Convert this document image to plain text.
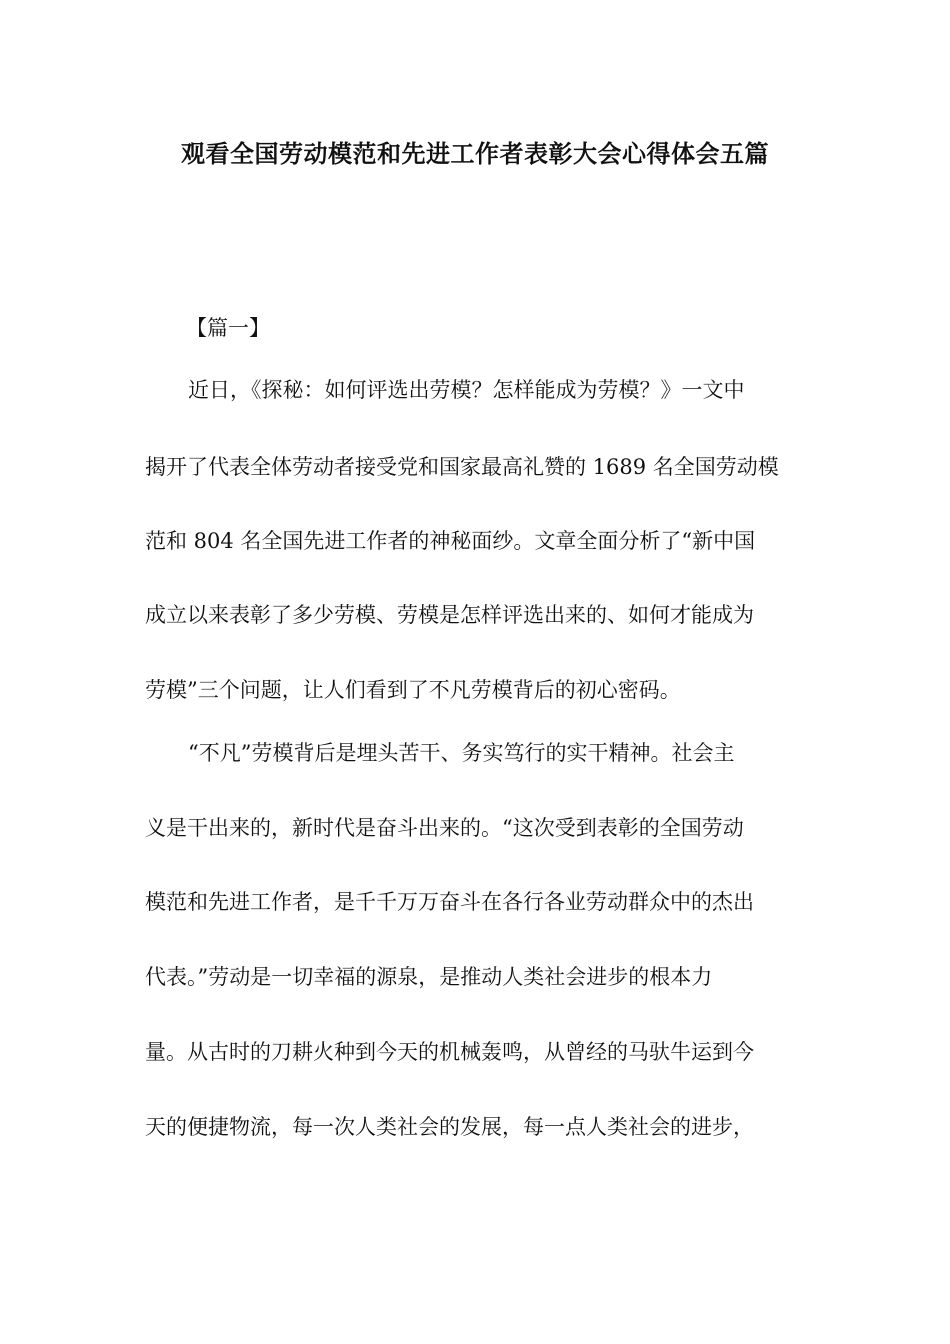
观看全国劳动模范和先进工作者表彰大会心得体会五篇

【篇一】

近日，《探秘：如何评选出劳模？怎样能成为劳模？》一文中

揭开了代表全体劳动者接受党和国家最高礼赞的 1689 名全国劳动模

范和 804 名全国先进工作者的神秘面纱。文章全面分析了“新中国

成立以来表彰了多少劳模、劳模是怎样评选出来的、如何才能成为

劳模”三个问题，让人们看到了不凡劳模背后的初心密码。

“不凡”劳模背后是埋头苦干、务实笃行的实干精神。社会主

义是干出来的，新时代是奋斗出来的。“这次受到表彰的全国劳动

模范和先进工作者，是千千万万奋斗在各行各业劳动群众中的杰出

代表。”劳动是一切幸福的源泉，是推动人类社会进步的根本力

量。从古时的刀耕火种到今天的机械轰鸣，从曾经的马驮牛运到今

天的便捷物流，每一次人类社会的发展，每一点人类社会的进步，
